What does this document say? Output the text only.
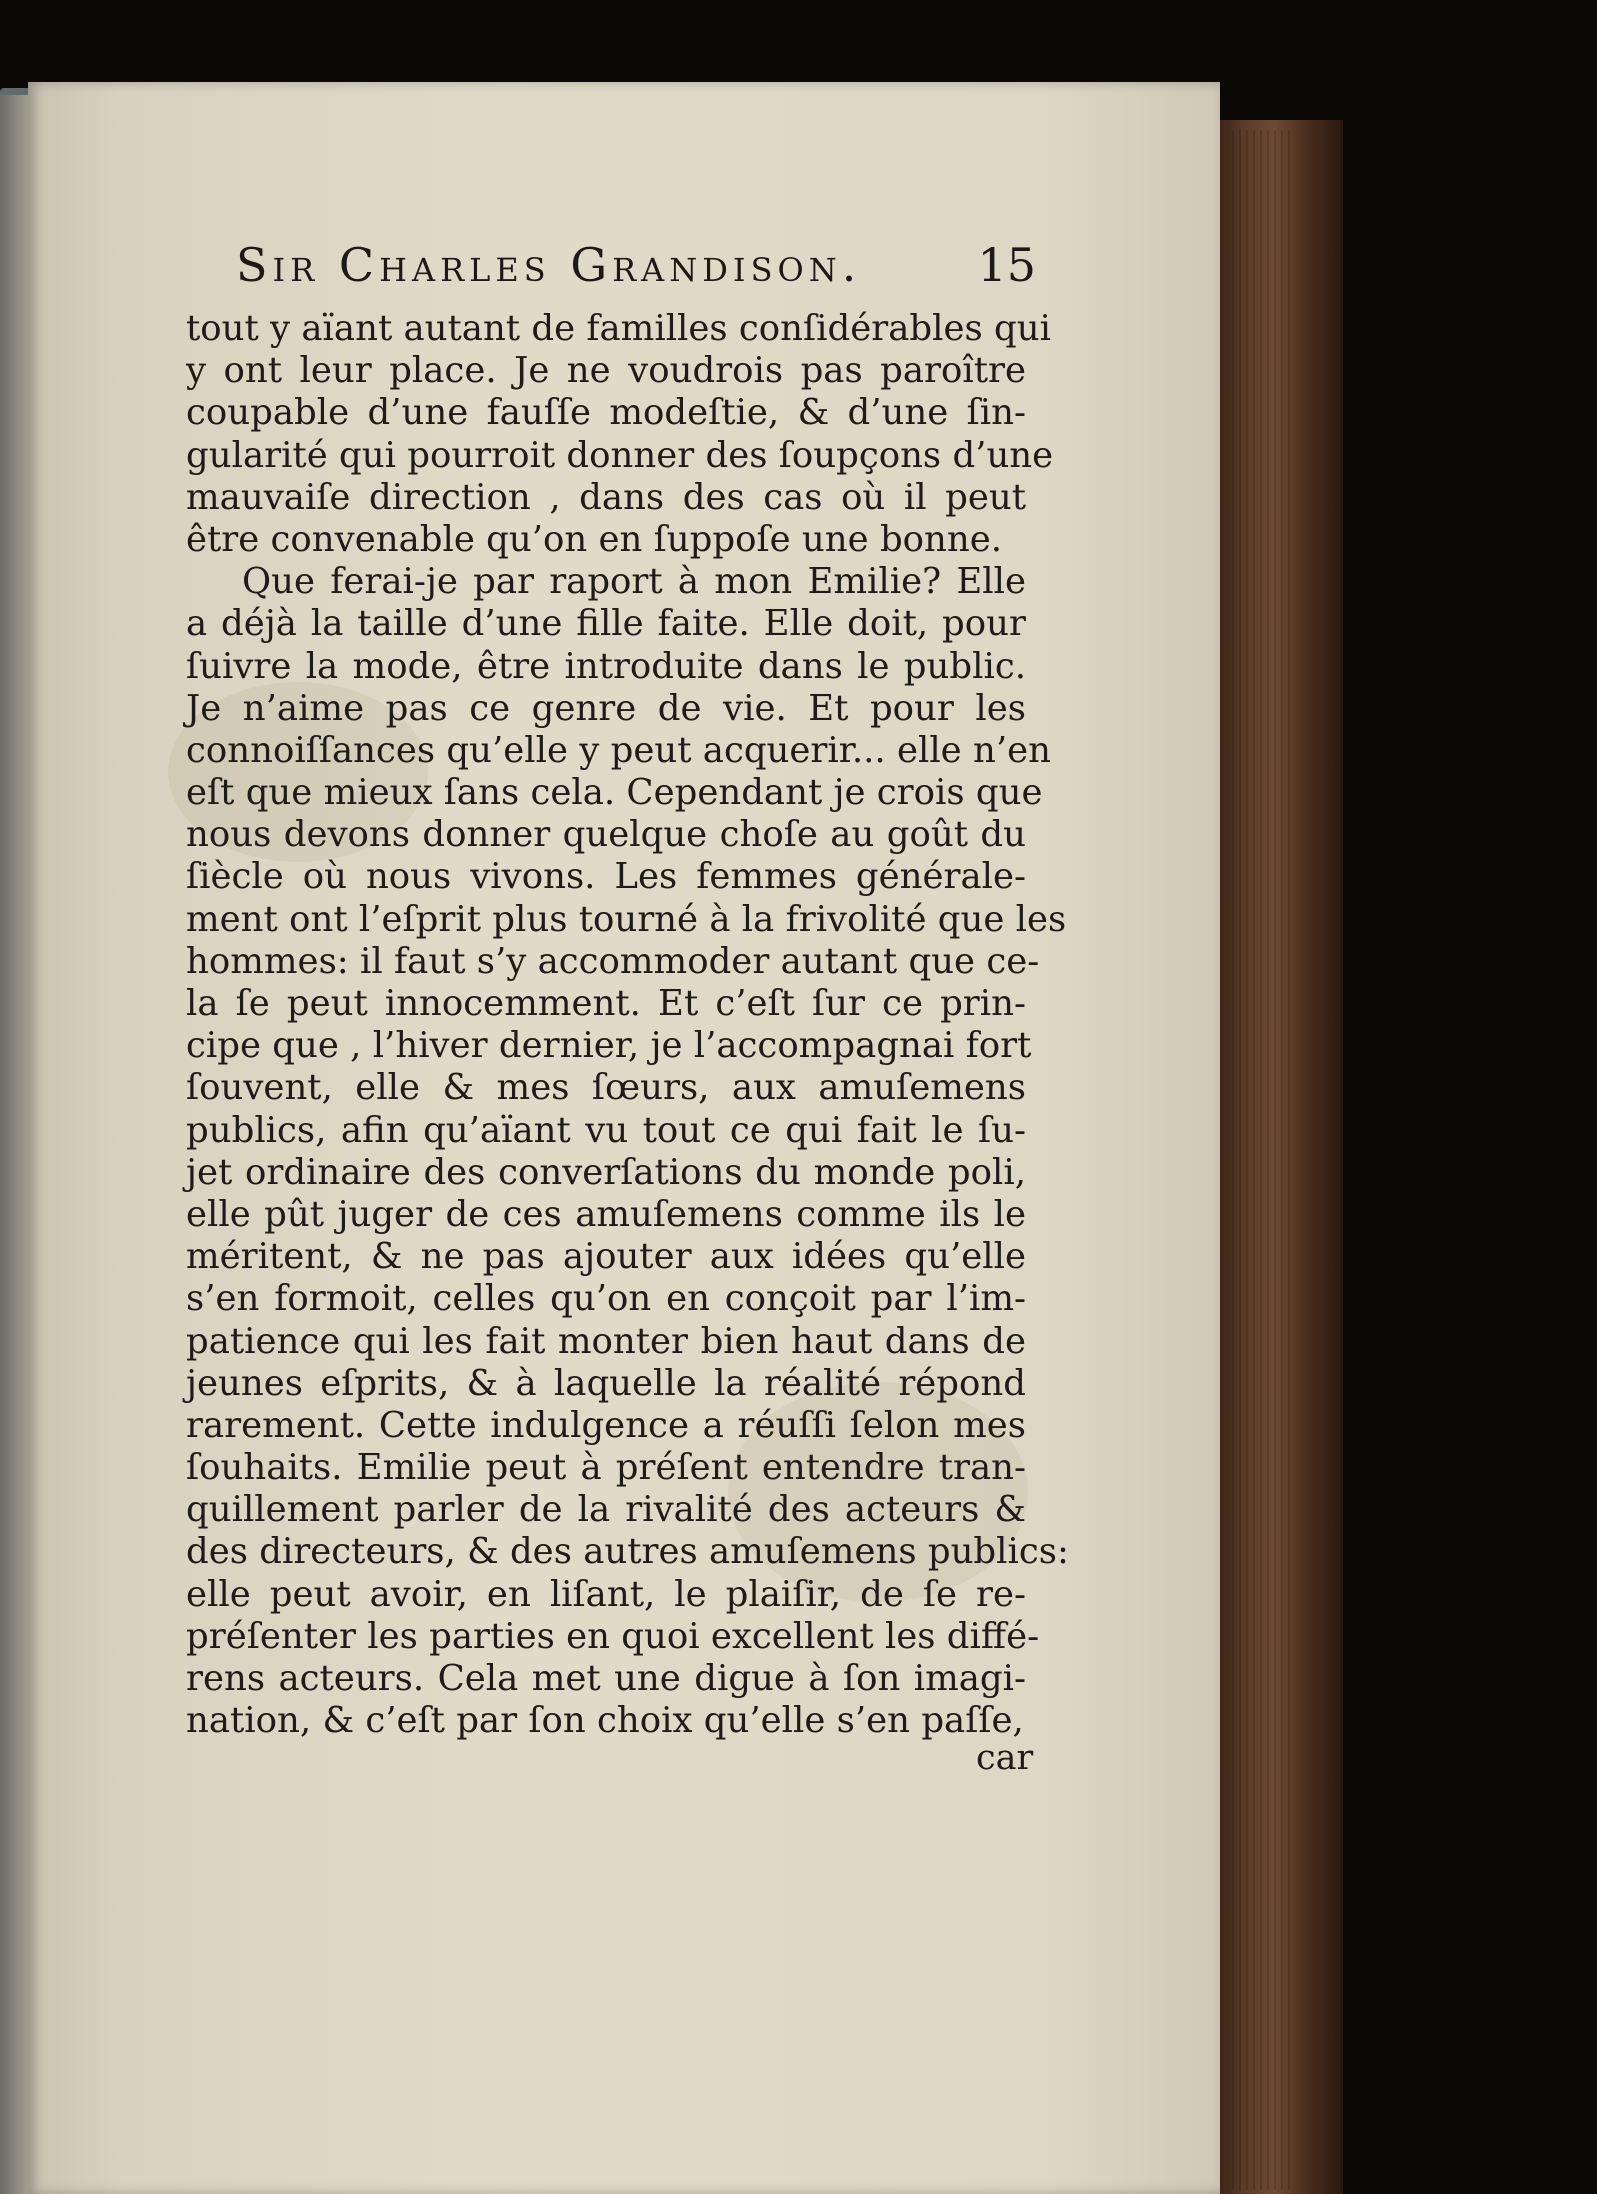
Sir Charles Grandison.	15
tout y aïant autant de familles conſidérables qui
y ont leur place. Je ne voudrois pas paroître
coupable d’une fauſſe modeſtie, & d’une ſin-
gularité qui pourroit donner des ſoupçons d’une
mauvaiſe direction , dans des cas où il peut
être convenable qu’on en ſuppoſe une bonne.
Que ferai-je par raport à mon Emilie? Elle
a déjà la taille d’une fille faite. Elle doit, pour
ſuivre la mode, être introduite dans le public.
Je n’aime pas ce genre de vie. Et pour les
connoiſſances qu’elle y peut acquerir... elle n’en
eſt que mieux ſans cela. Cependant je crois que
nous devons donner quelque choſe au goût du
ſiècle où nous vivons. Les femmes générale-
ment ont l’eſprit plus tourné à la frivolité que les
hommes: il faut s’y accommoder autant que ce-
la ſe peut innocemment. Et c’eſt ſur ce prin-
cipe que , l’hiver dernier, je l’accompagnai fort
ſouvent, elle & mes ſœurs, aux amuſemens
publics, afin qu’aïant vu tout ce qui fait le ſu-
jet ordinaire des converſations du monde poli,
elle pût juger de ces amuſemens comme ils le
méritent, & ne pas ajouter aux idées qu’elle
s’en formoit, celles qu’on en conçoit par l’im-
patience qui les fait monter bien haut dans de
jeunes eſprits, & à laquelle la réalité répond
rarement. Cette indulgence a réuſſi ſelon mes
ſouhaits. Emilie peut à préſent entendre tran-
quillement parler de la rivalité des acteurs &
des directeurs, & des autres amuſemens publics:
elle peut avoir, en liſant, le plaiſir, de ſe re-
préſenter les parties en quoi excellent les diffé-
rens acteurs. Cela met une digue à ſon imagi-
nation, & c’eſt par ſon choix qu’elle s’en paſſe,
car
